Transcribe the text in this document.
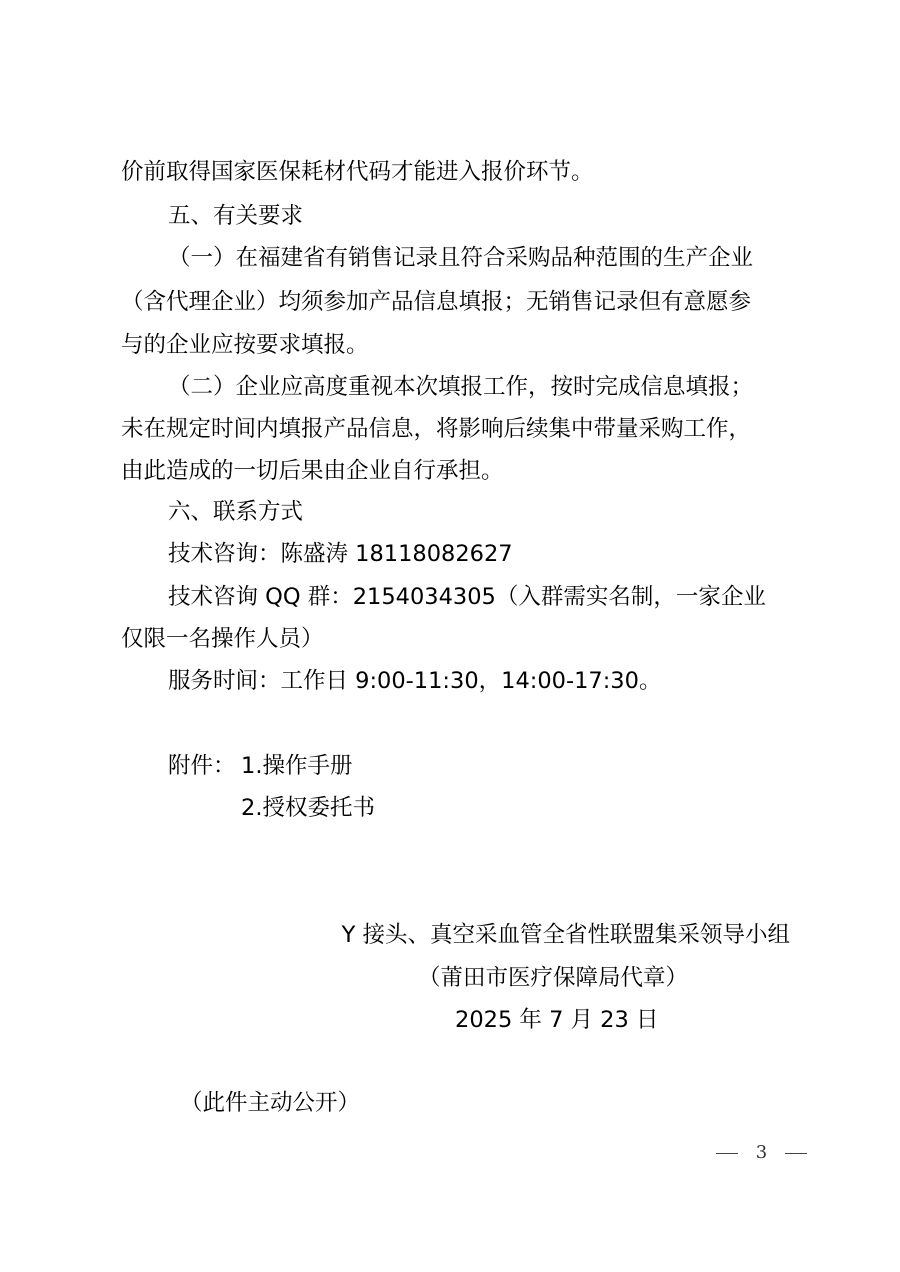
价前取得国家医保耗材代码才能进入报价环节。
五、有关要求
（一）在福建省有销售记录且符合采购品种范围的生产企业
（含代理企业）均须参加产品信息填报；无销售记录但有意愿参
与的企业应按要求填报。
（二）企业应高度重视本次填报工作，按时完成信息填报；
未在规定时间内填报产品信息，将影响后续集中带量采购工作，
由此造成的一切后果由企业自行承担。
六、联系方式
技术咨询：陈盛涛 18118082627
技术咨询 QQ 群：2154034305（入群需实名制，一家企业
仅限一名操作人员）
服务时间：工作日 9:00-11:30，14:00-17:30。
附件： 1.操作手册
2.授权委托书
Y 接头、真空采血管全省性联盟集采领导小组
（莆田市医疗保障局代章）
2025 年 7 月 23 日
（此件主动公开）
3
